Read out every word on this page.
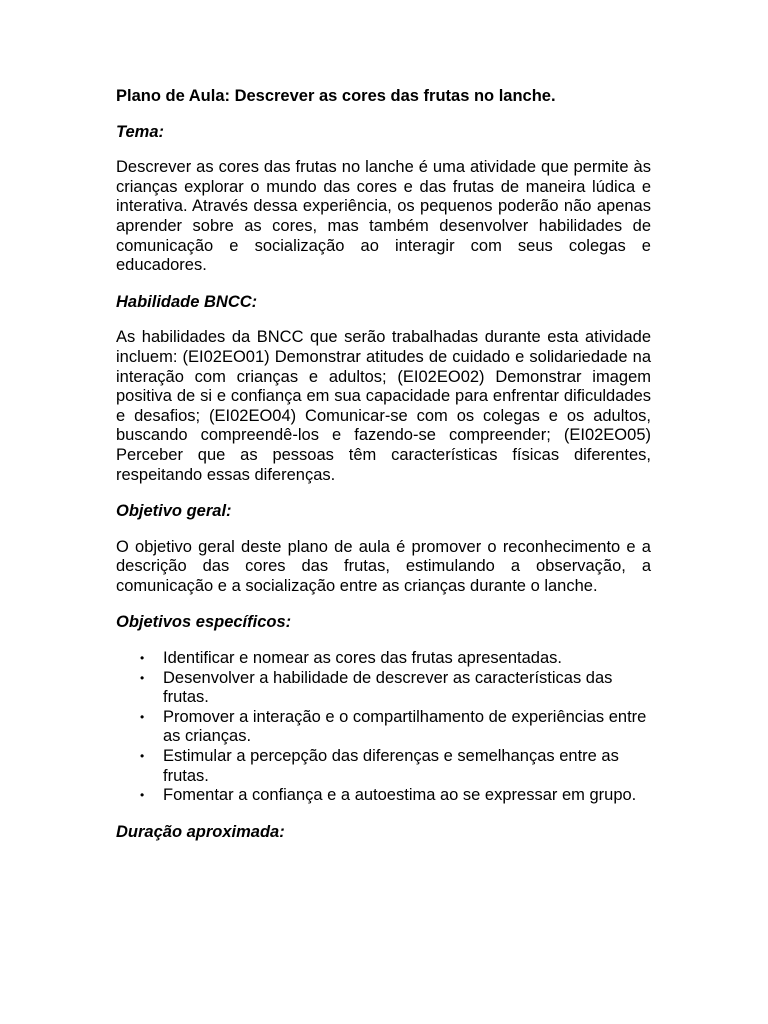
Plano de Aula: Descrever as cores das frutas no lanche.
Tema:
Descrever as cores das frutas no lanche é uma atividade que permite às crianças explorar o mundo das cores e das frutas de maneira lúdica e interativa. Através dessa experiência, os pequenos poderão não apenas aprender sobre as cores, mas também desenvolver habilidades de comunicação e socialização ao interagir com seus colegas e educadores.
Habilidade BNCC:
As habilidades da BNCC que serão trabalhadas durante esta atividade incluem: (EI02EO01) Demonstrar atitudes de cuidado e solidariedade na interação com crianças e adultos; (EI02EO02) Demonstrar imagem positiva de si e confiança em sua capacidade para enfrentar dificuldades e desafios; (EI02EO04) Comunicar-se com os colegas e os adultos, buscando compreendê-los e fazendo-se compreender; (EI02EO05) Perceber que as pessoas têm características físicas diferentes, respeitando essas diferenças.
Objetivo geral:
O objetivo geral deste plano de aula é promover o reconhecimento e a descrição das cores das frutas, estimulando a observação, a comunicação e a socialização entre as crianças durante o lanche.
Objetivos específicos:
• Identificar e nomear as cores das frutas apresentadas.
• Desenvolver a habilidade de descrever as características das frutas.
• Promover a interação e o compartilhamento de experiências entre as crianças.
• Estimular a percepção das diferenças e semelhanças entre as frutas.
• Fomentar a confiança e a autoestima ao se expressar em grupo.
Duração aproximada:
